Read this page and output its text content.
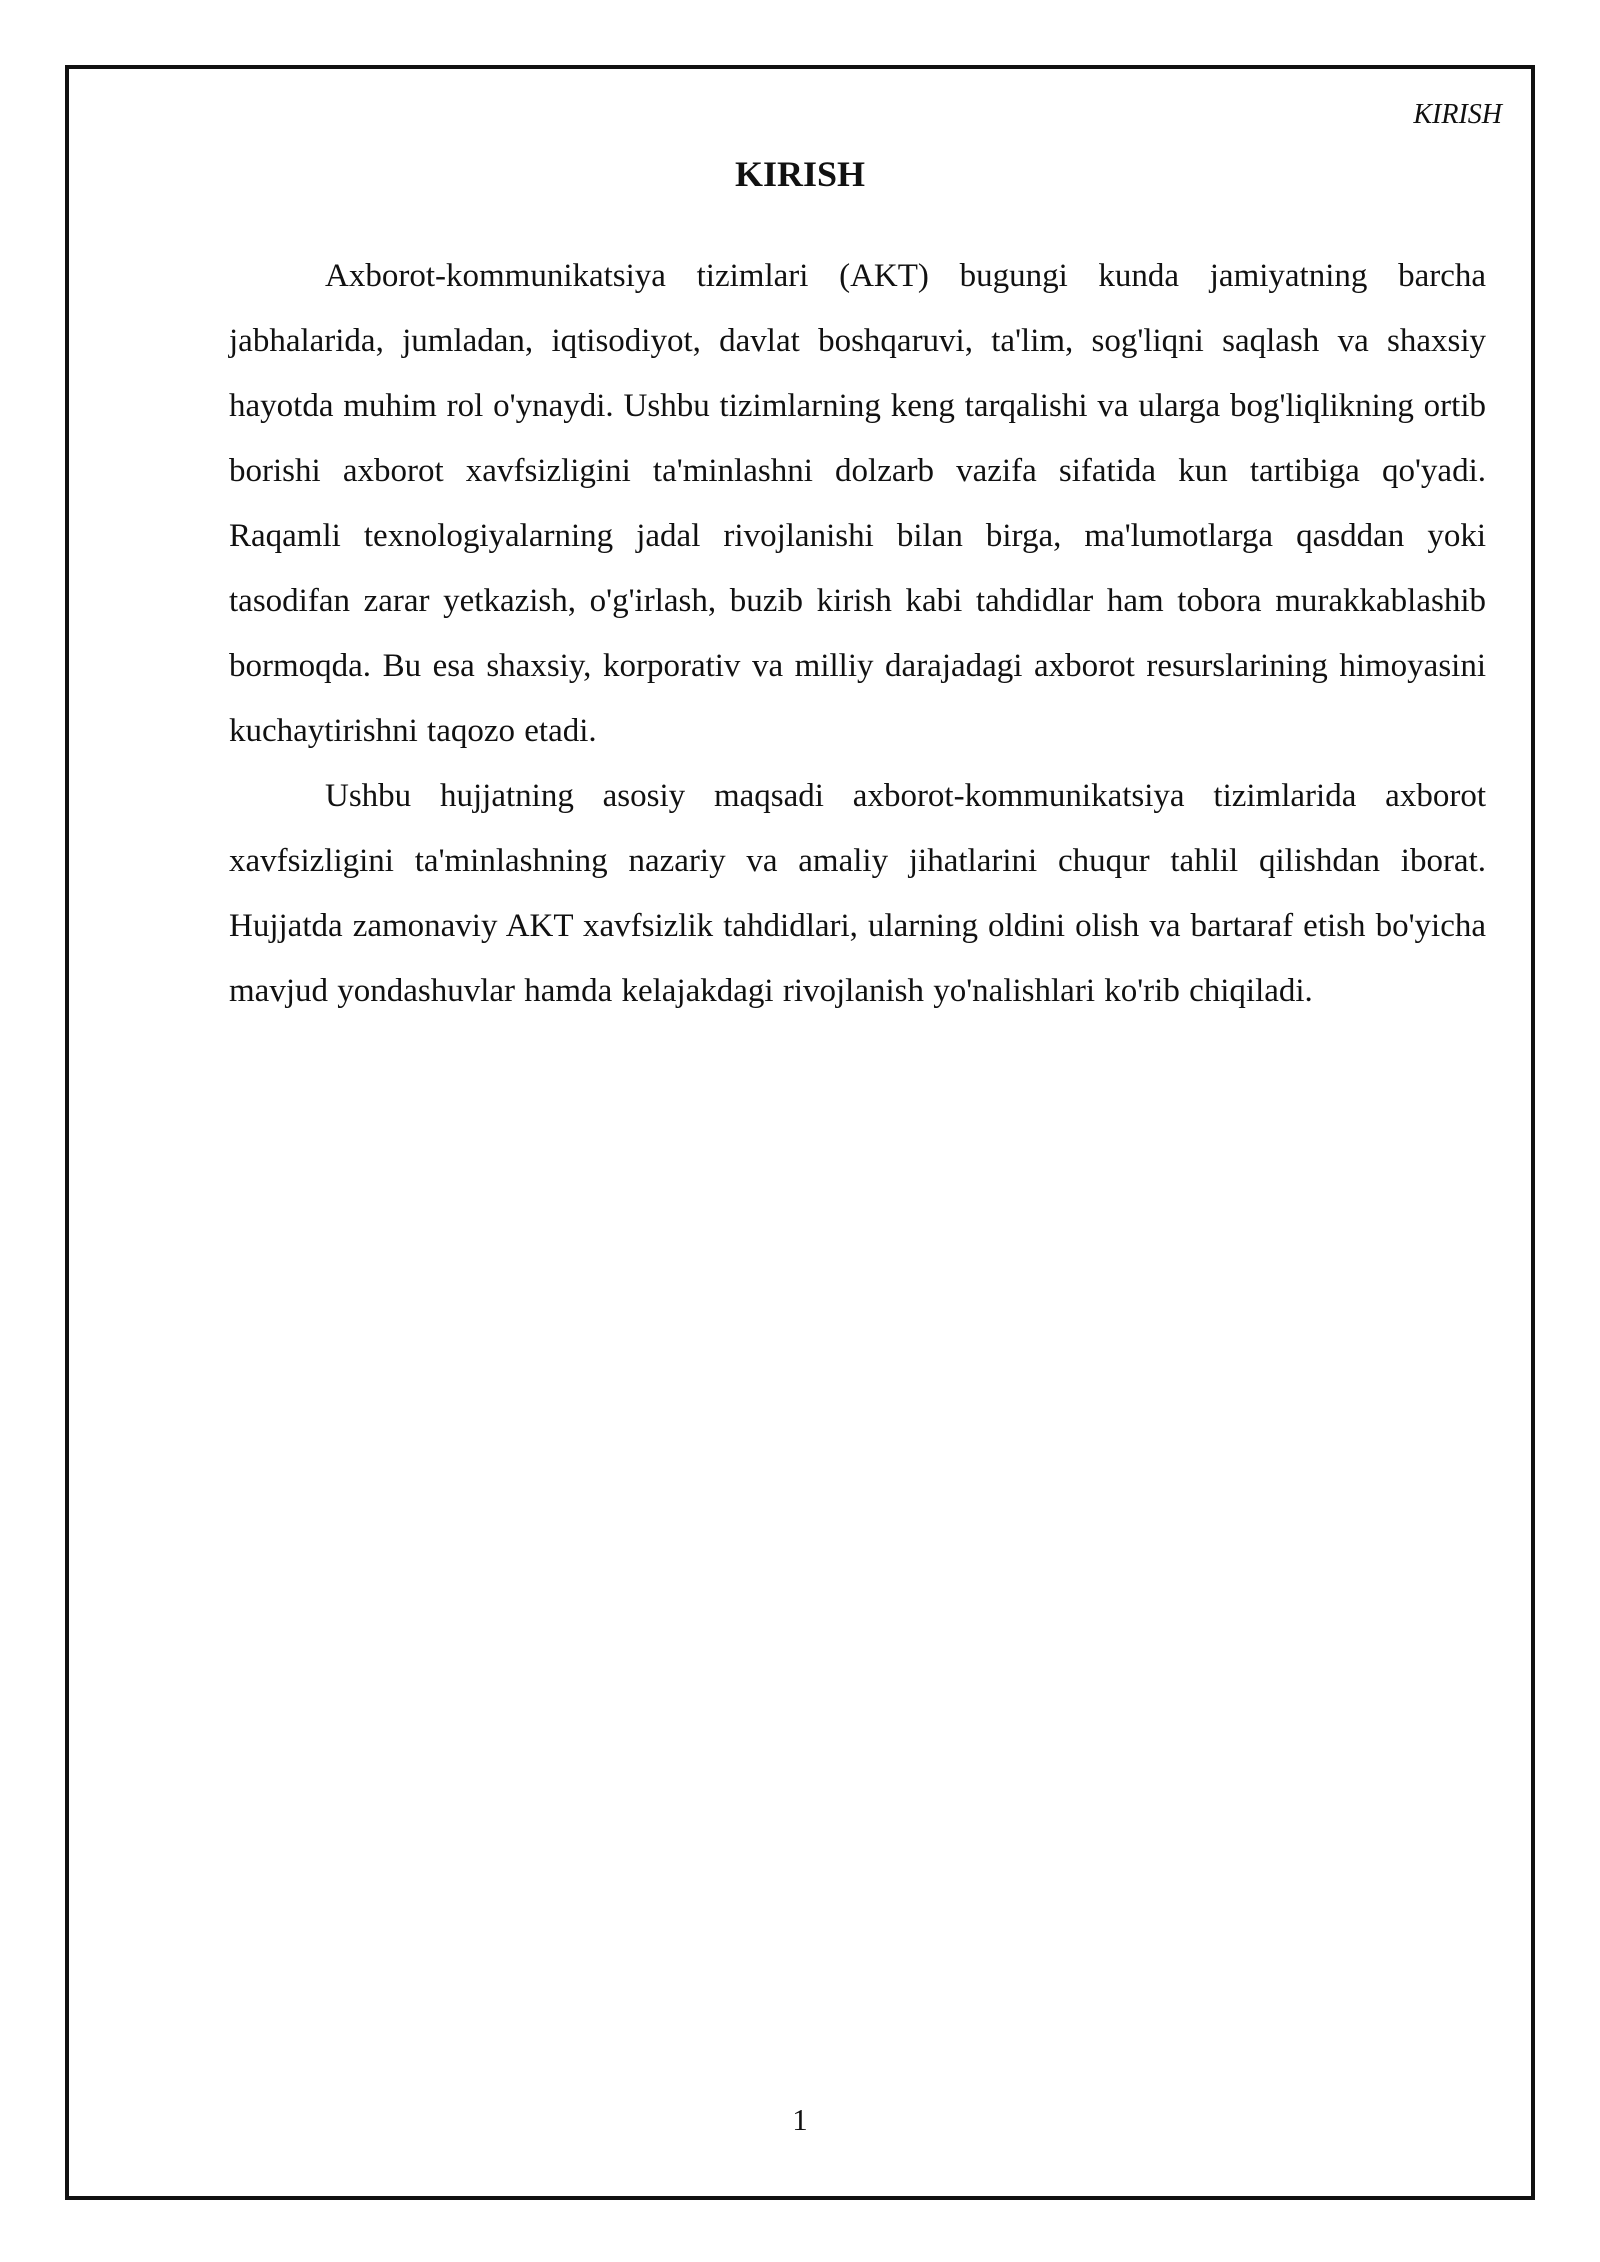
KIRISH
KIRISH

Axborot-kommunikatsiya tizimlari (AKT) bugungi kunda jamiyatning barcha jabhalarida, jumladan, iqtisodiyot, davlat boshqaruvi, ta'lim, sog'liqni saqlash va shaxsiy hayotda muhim rol o'ynaydi. Ushbu tizimlarning keng tarqalishi va ularga bog'liqlikning ortib borishi axborot xavfsizligini ta'minlashni dolzarb vazifa sifatida kun tartibiga qo'yadi. Raqamli texnologiyalarning jadal rivojlanishi bilan birga, ma'lumotlarga qasddan yoki tasodifan zarar yetkazish, o'g'irlash, buzib kirish kabi tahdidlar ham tobora murakkablashib bormoqda. Bu esa shaxsiy, korporativ va milliy darajadagi axborot resurslarining himoyasini kuchaytirishni taqozo etadi.

Ushbu hujjatning asosiy maqsadi axborot-kommunikatsiya tizimlarida axborot xavfsizligini ta'minlashning nazariy va amaliy jihatlarini chuqur tahlil qilishdan iborat. Hujjatda zamonaviy AKT xavfsizlik tahdidlari, ularning oldini olish va bartaraf etish bo'yicha mavjud yondashuvlar hamda kelajakdagi rivojlanish yo'nalishlari ko'rib chiqiladi.

1
